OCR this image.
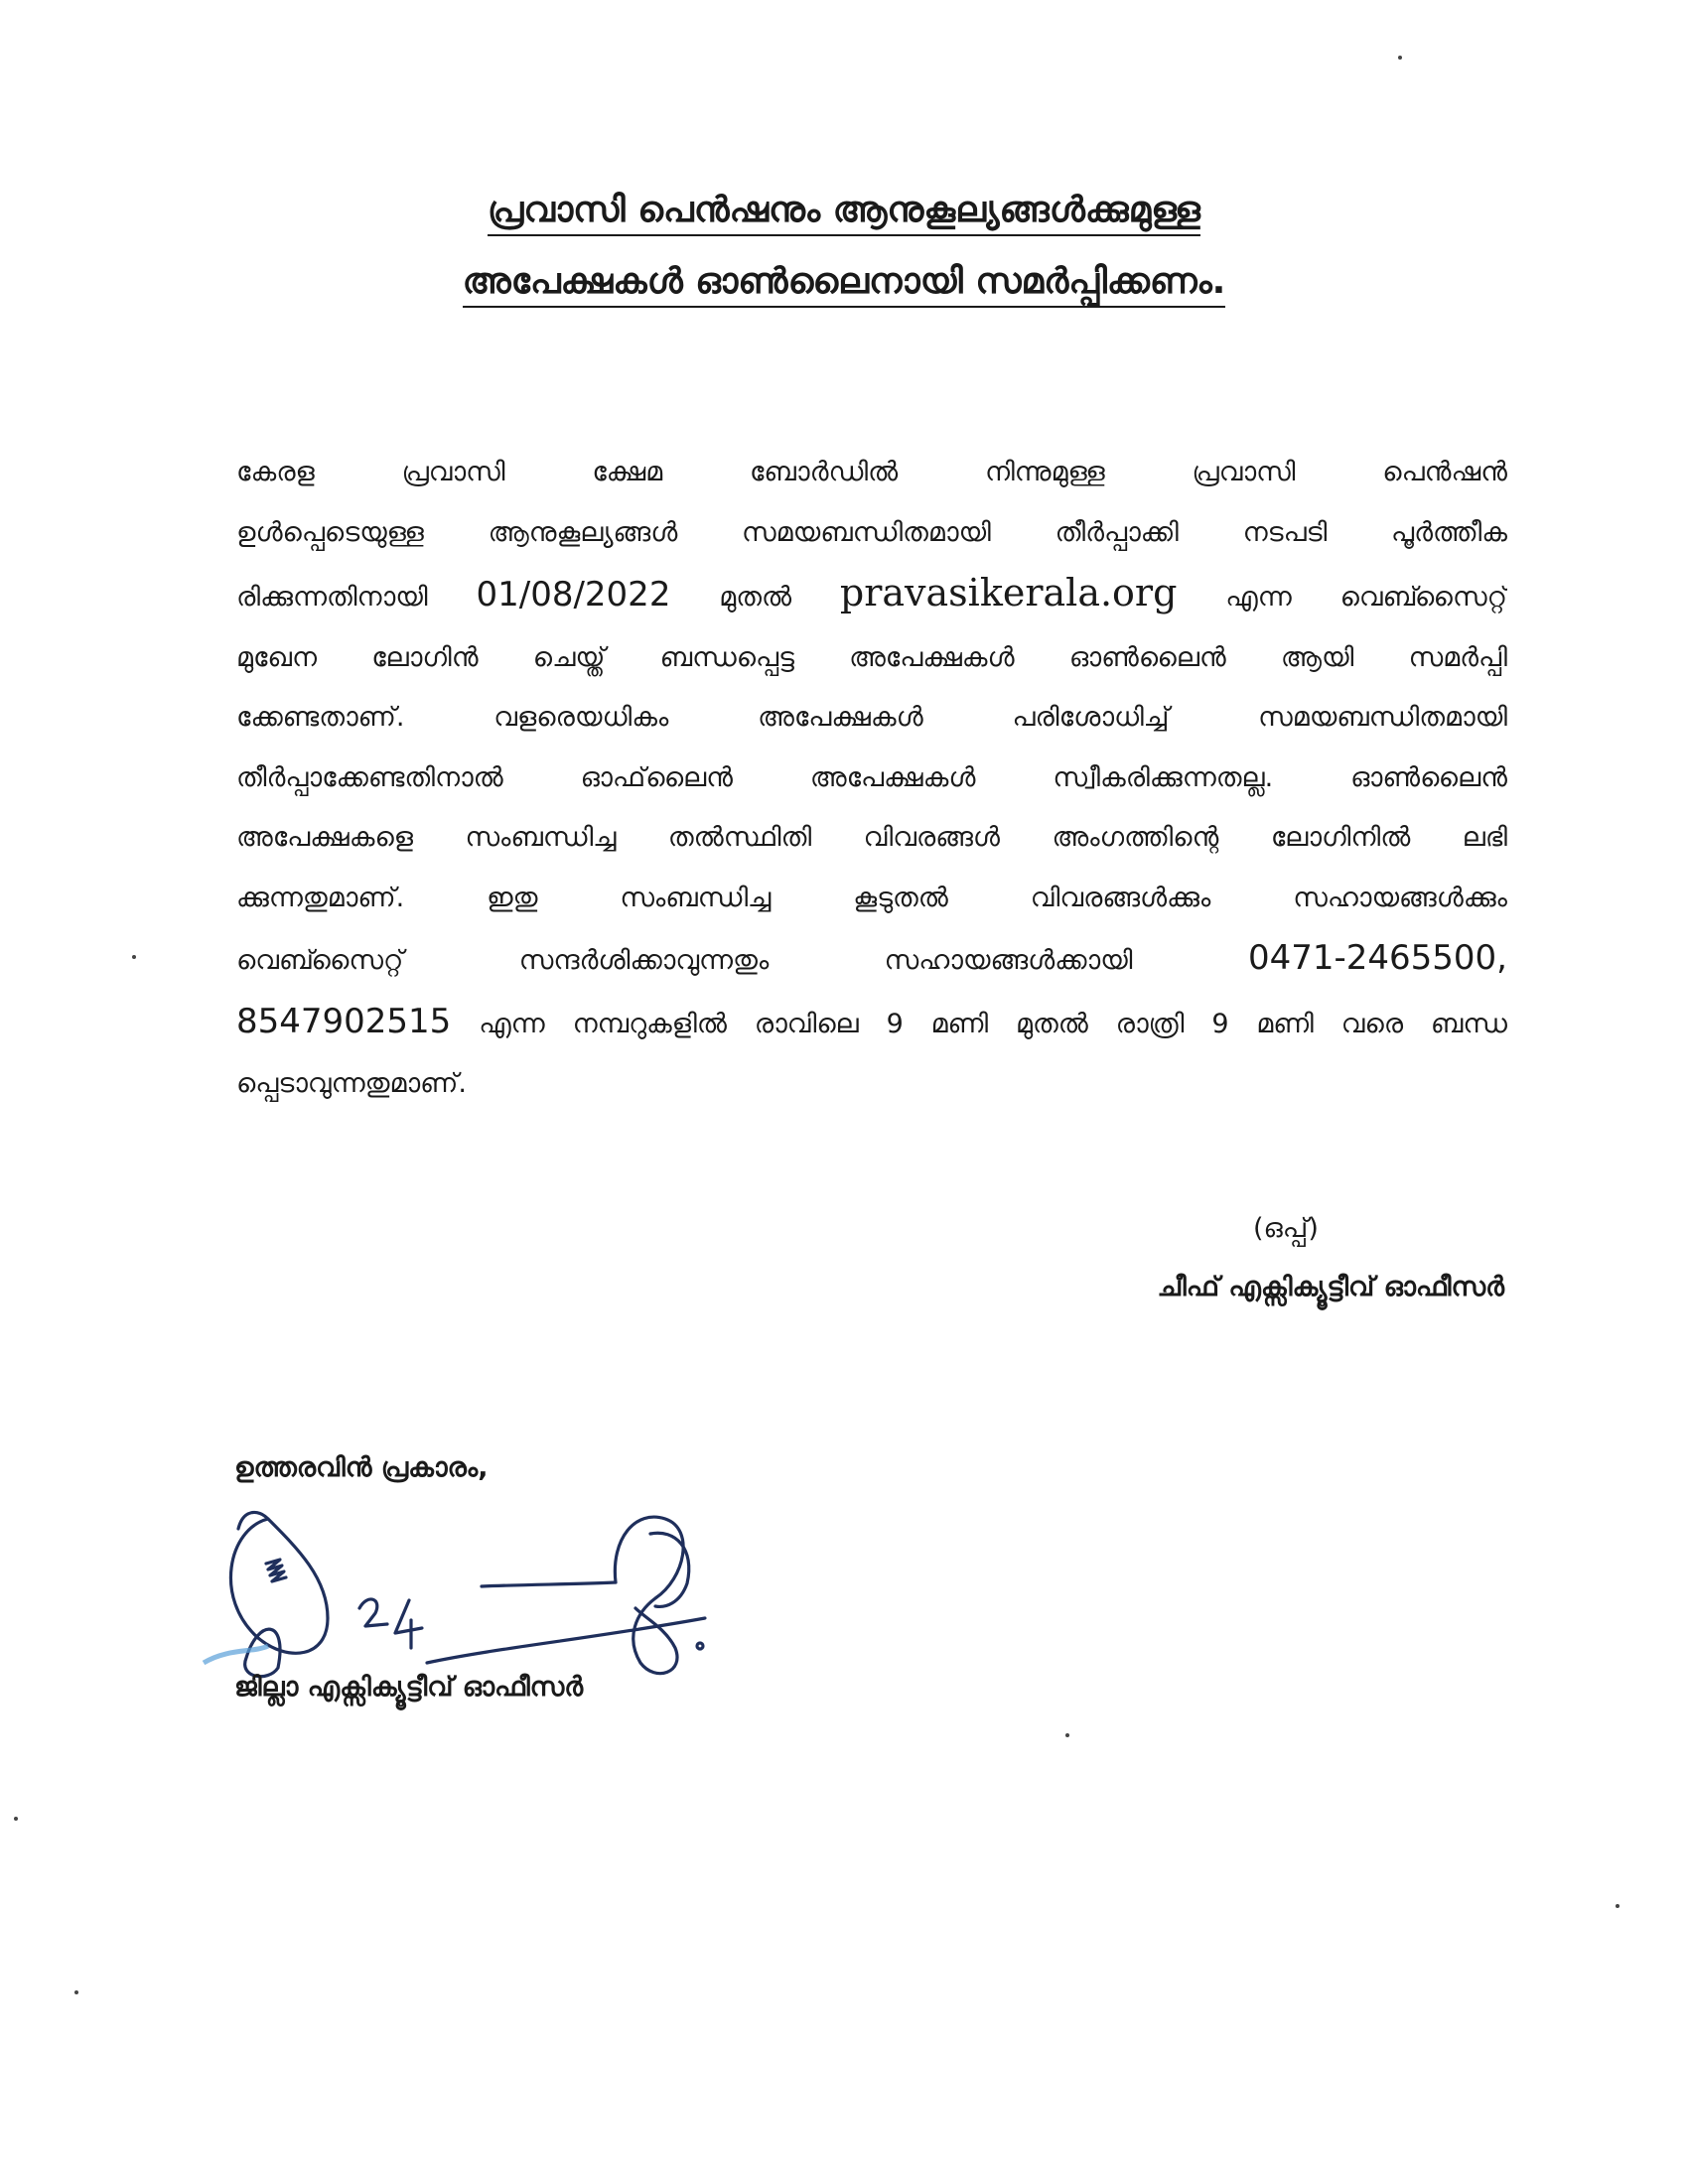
പ്രവാസി പെൻഷനും ആനുകൂല്യങ്ങൾക്കുമുള്ള
അപേക്ഷകൾ ഓൺലൈനായി സമർപ്പിക്കണം.
കേരള പ്രവാസി ക്ഷേമ ബോർഡിൽ നിന്നുമുള്ള പ്രവാസി പെൻഷൻ
ഉൾപ്പെടെയുള്ള ആനുകൂല്യങ്ങൾ സമയബന്ധിതമായി തീർപ്പാക്കി നടപടി പൂർത്തീക
രിക്കുന്നതിനായി 01/08/2022 മുതൽ pravasikerala.org എന്ന വെബ്സൈറ്റ്
മുഖേന ലോഗിൻ ചെയ്ത് ബന്ധപ്പെട്ട അപേക്ഷകൾ ഓൺലൈൻ ആയി സമർപ്പി
ക്കേണ്ടതാണ്. വളരെയധികം അപേക്ഷകൾ പരിശോധിച്ച് സമയബന്ധിതമായി
തീർപ്പാക്കേണ്ടതിനാൽ ഓഫ്‌ലൈൻ അപേക്ഷകൾ സ്വീകരിക്കുന്നതല്ല. ഓൺലൈൻ
അപേക്ഷകളെ സംബന്ധിച്ച തൽസ്ഥിതി വിവരങ്ങൾ അംഗത്തിന്റെ ലോഗിനിൽ ലഭി
ക്കുന്നതുമാണ്. ഇതു സംബന്ധിച്ച കൂടുതൽ വിവരങ്ങൾക്കും സഹായങ്ങൾക്കും
വെബ്സൈറ്റ് സന്ദർശിക്കാവുന്നതും സഹായങ്ങൾക്കായി	0471-2465500,
8547902515 എന്ന നമ്പറുകളിൽ രാവിലെ 9 മണി മുതൽ രാത്രി 9 മണി വരെ ബന്ധ
പ്പെടാവുന്നതുമാണ്.
(ഒപ്പ്)
ചീഫ് എക്സിക്യൂട്ടീവ് ഓഫീസർ
ഉത്തരവിൻ പ്രകാരം,
ജില്ലാ എക്സിക്യൂട്ടീവ് ഓഫീസർ
